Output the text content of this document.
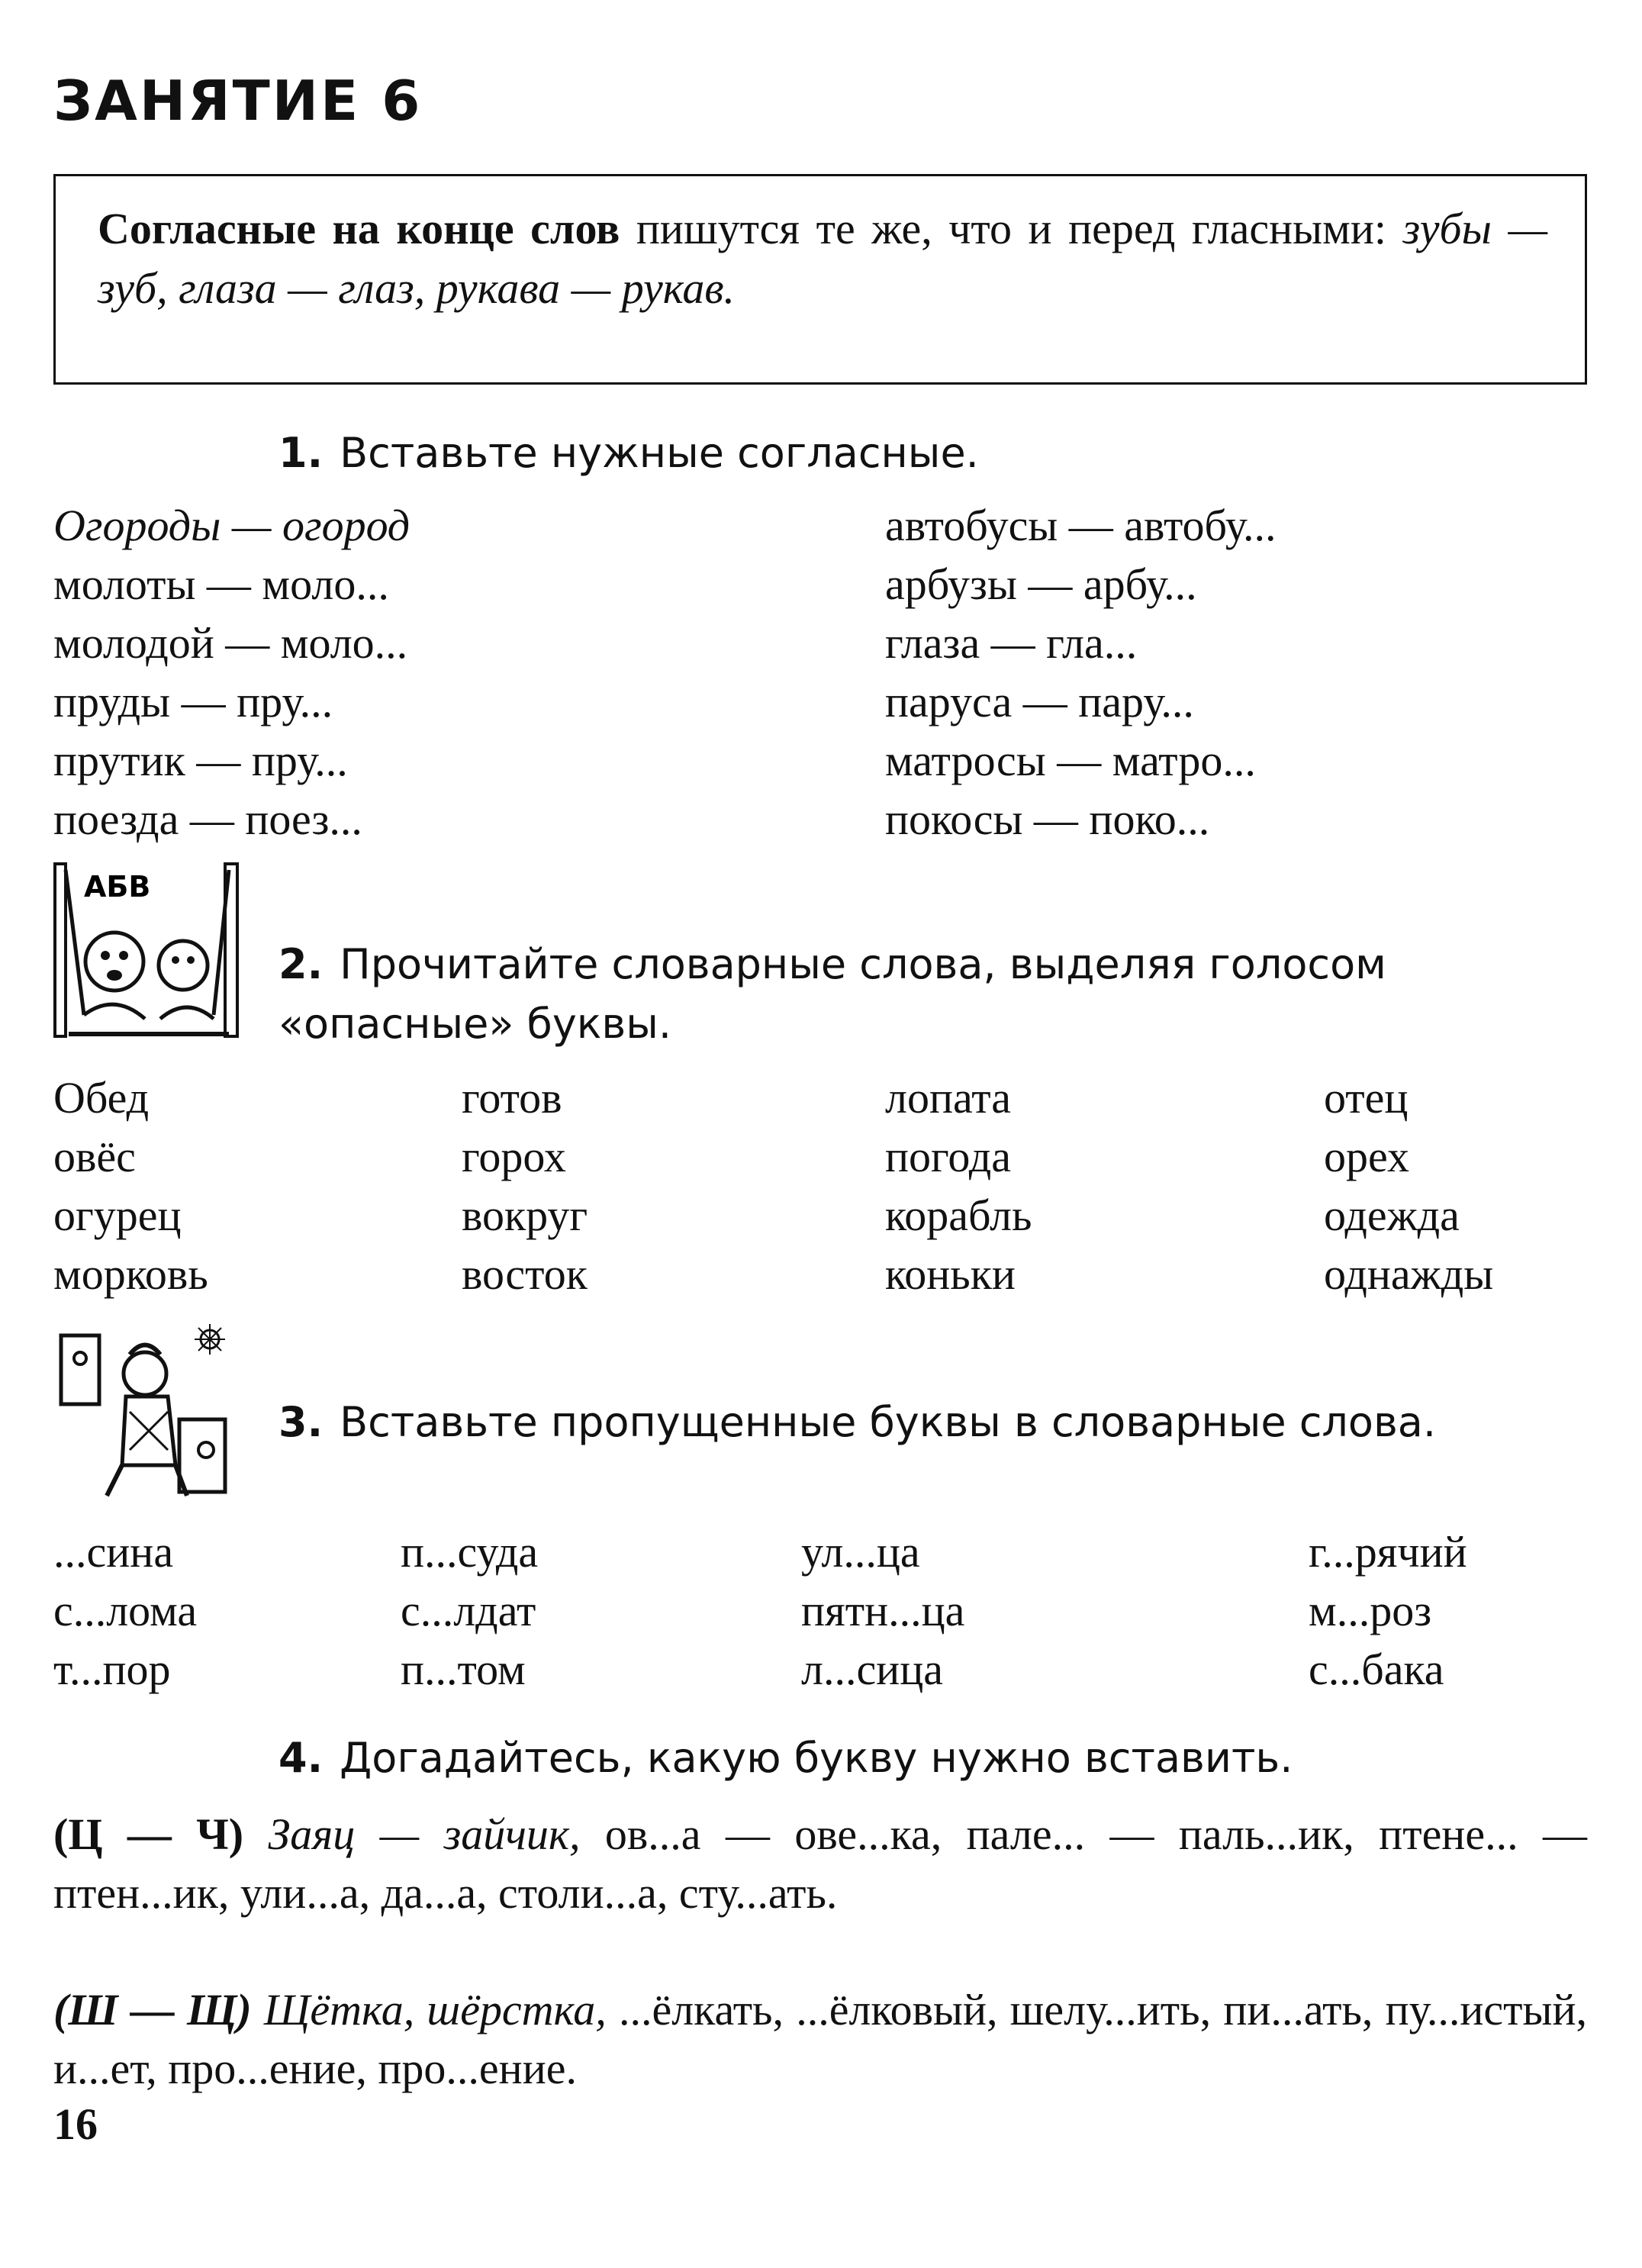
ЗАНЯТИЕ 6
Согласные на конце слов пишутся те же, что и перед гласными: зубы — зуб, глаза — глаз, рукава — рукав.
1. Вставьте нужные согласные.
Огороды — огород
молоты — моло...
молодой — моло...
пруды — пру...
прутик — пру...
поезда — поез...
автобусы — автобу...
арбузы — арбу...
глаза — гла...
паруса — пару...
матросы — матро...
покосы — поко...
АБВ
2. Прочитайте словарные слова, выделяя голосом «опасные» буквы.
Обед
овёс
огурец
морковь
готов
горох
вокруг
восток
лопата
погода
корабль
коньки
отец
орех
одежда
однажды
3. Вставьте пропущенные буквы в словарные слова.
...сина
с...лома
т...пор
п...суда
с...лдат
п...том
ул...ца
пятн...ца
л...сица
г...рячий
м...роз
с...бака
4. Догадайтесь, какую букву нужно вставить.
(Ц — Ч) Заяц — зайчик, ов...а — ове...ка, пале... — паль...ик, птене... — птен...ик, ули...а, да...а, столи...а, сту...ать.
(Ш — Щ) Щётка, шёрстка, ...ёлкать, ...ёлковый, шелу...ить, пи...ать, пу...истый, и...ет, про...ение, про...ение.
16
